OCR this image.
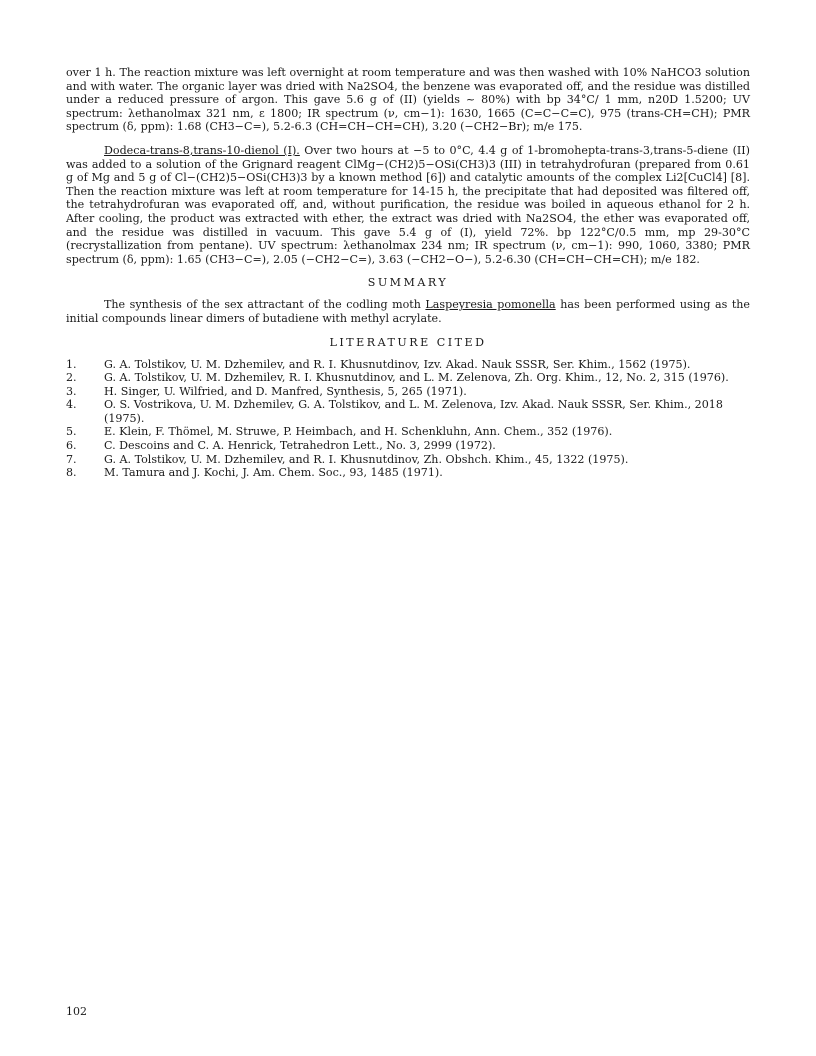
over 1 h. The reaction mixture was left overnight at room temperature and was then washed with 10% NaHCO3 solution and with water. The organic layer was dried with Na2SO4, the benzene was evaporated off, and the residue was distilled under a reduced pressure of argon. This gave 5.6 g of (II) (yields ~ 80%) with bp 34°C/ 1 mm, n20D 1.5200; UV spectrum: λethanolmax 321 nm, ε 1800; IR spectrum (ν, cm−1): 1630, 1665 (C=C−C=C), 975 (trans-CH=CH); PMR spectrum (δ, ppm): 1.68 (CH3−C=), 5.2-6.3 (CH=CH−CH=CH), 3.20 (−CH2−Br); m/e 175.

Dodeca-trans-8,trans-10-dienol (I). Over two hours at −5 to 0°C, 4.4 g of 1-bromohepta-trans-3,trans-5-diene (II) was added to a solution of the Grignard reagent ClMg−(CH2)5−OSi(CH3)3 (III) in tetrahydrofuran (prepared from 0.61 g of Mg and 5 g of Cl−(CH2)5−OSi(CH3)3 by a known method [6]) and catalytic amounts of the complex Li2[CuCl4] [8]. Then the reaction mixture was left at room temperature for 14-15 h, the precipitate that had deposited was filtered off, the tetrahydrofuran was evaporated off, and, without purification, the residue was boiled in aqueous ethanol for 2 h. After cooling, the product was extracted with ether, the extract was dried with Na2SO4, the ether was evaporated off, and the residue was distilled in vacuum. This gave 5.4 g of (I), yield 72%. bp 122°C/0.5 mm, mp 29-30°C (recrystallization from pentane). UV spectrum: λethanolmax 234 nm; IR spectrum (ν, cm−1): 990, 1060, 3380; PMR spectrum (δ, ppm): 1.65 (CH3−C=), 2.05 (−CH2−C=), 3.63 (−CH2−O−), 5.2-6.30 (CH=CH−CH=CH); m/e 182.

SUMMARY

The synthesis of the sex attractant of the codling moth Laspeyresia pomonella has been performed using as the initial compounds linear dimers of butadiene with methyl acrylate.

LITERATURE CITED
1.	G. A. Tolstikov, U. M. Dzhemilev, and R. I. Khusnutdinov, Izv. Akad. Nauk SSSR, Ser. Khim., 1562 (1975).
2.	G. A. Tolstikov, U. M. Dzhemilev, R. I. Khusnutdinov, and L. M. Zelenova, Zh. Org. Khim., 12, No. 2, 315 (1976).
3.	H. Singer, U. Wilfried, and D. Manfred, Synthesis, 5, 265 (1971).
4.	O. S. Vostrikova, U. M. Dzhemilev, G. A. Tolstikov, and L. M. Zelenova, Izv. Akad. Nauk SSSR, Ser. Khim., 2018 (1975).
5.	E. Klein, F. Thömel, M. Struwe, P. Heimbach, and H. Schenkluhn, Ann. Chem., 352 (1976).
6.	C. Descoins and C. A. Henrick, Tetrahedron Lett., No. 3, 2999 (1972).
7.	G. A. Tolstikov, U. M. Dzhemilev, and R. I. Khusnutdinov, Zh. Obshch. Khim., 45, 1322 (1975).
8.	M. Tamura and J. Kochi, J. Am. Chem. Soc., 93, 1485 (1971).
102
